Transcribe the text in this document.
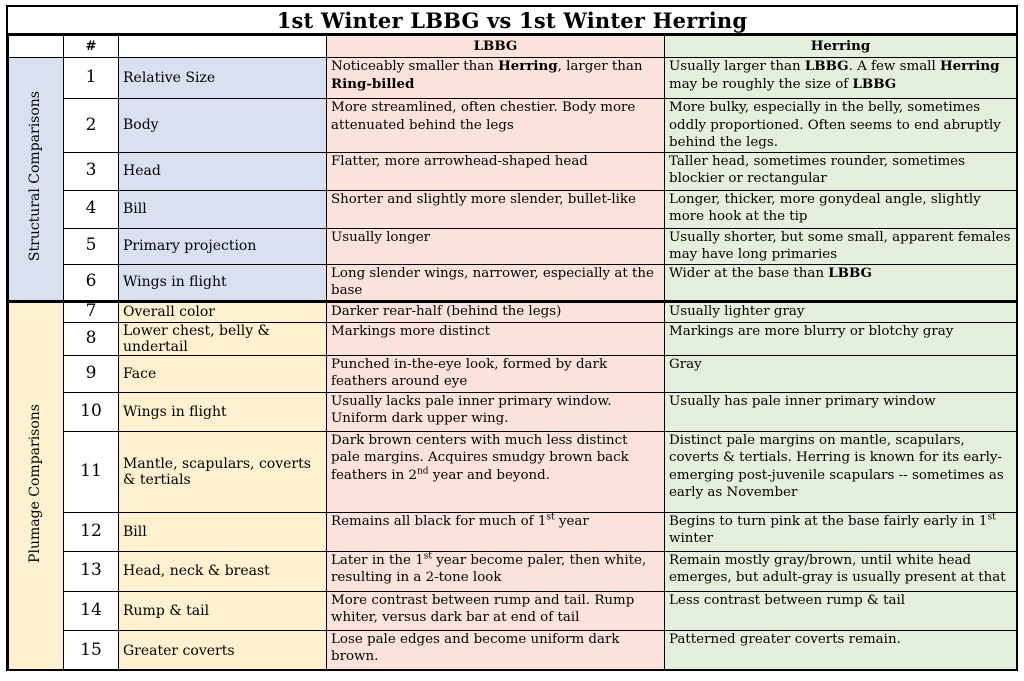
1st Winter LBBG vs 1st Winter Herring
	#		LBBG	Herring
Structural Comparisons	1	Relative Size	Noticeably smaller than Herring, larger than Ring-billed	Usually larger than LBBG. A few small Herring may be roughly the size of LBBG
	2	Body	More streamlined, often chestier. Body more attenuated behind the legs	More bulky, especially in the belly, sometimes oddly proportioned. Often seems to end abruptly behind the legs.
	3	Head	Flatter, more arrowhead-shaped head	Taller head, sometimes rounder, sometimes blockier or rectangular
	4	Bill	Shorter and slightly more slender, bullet-like	Longer, thicker, more gonydeal angle, slightly more hook at the tip
	5	Primary projection	Usually longer	Usually shorter, but some small, apparent females may have long primaries
	6	Wings in flight	Long slender wings, narrower, especially at the base	Wider at the base than LBBG
Plumage Comparisons	7	Overall color	Darker rear-half (behind the legs)	Usually lighter gray
	8	Lower chest, belly & undertail	Markings more distinct	Markings are more blurry or blotchy gray
	9	Face	Punched in-the-eye look, formed by dark feathers around eye	Gray
	10	Wings in flight	Usually lacks pale inner primary window. Uniform dark upper wing.	Usually has pale inner primary window
	11	Mantle, scapulars, coverts & tertials	Dark brown centers with much less distinct pale margins. Acquires smudgy brown back feathers in 2nd year and beyond.	Distinct pale margins on mantle, scapulars, coverts & tertials. Herring is known for its early-emerging post-juvenile scapulars -- sometimes as early as November
	12	Bill	Remains all black for much of 1st year	Begins to turn pink at the base fairly early in 1st winter
	13	Head, neck & breast	Later in the 1st year become paler, then white, resulting in a 2-tone look	Remain mostly gray/brown, until white head emerges, but adult-gray is usually present at that
	14	Rump & tail	More contrast between rump and tail. Rump whiter, versus dark bar at end of tail	Less contrast between rump & tail
	15	Greater coverts	Lose pale edges and become uniform dark brown.	Patterned greater coverts remain.
